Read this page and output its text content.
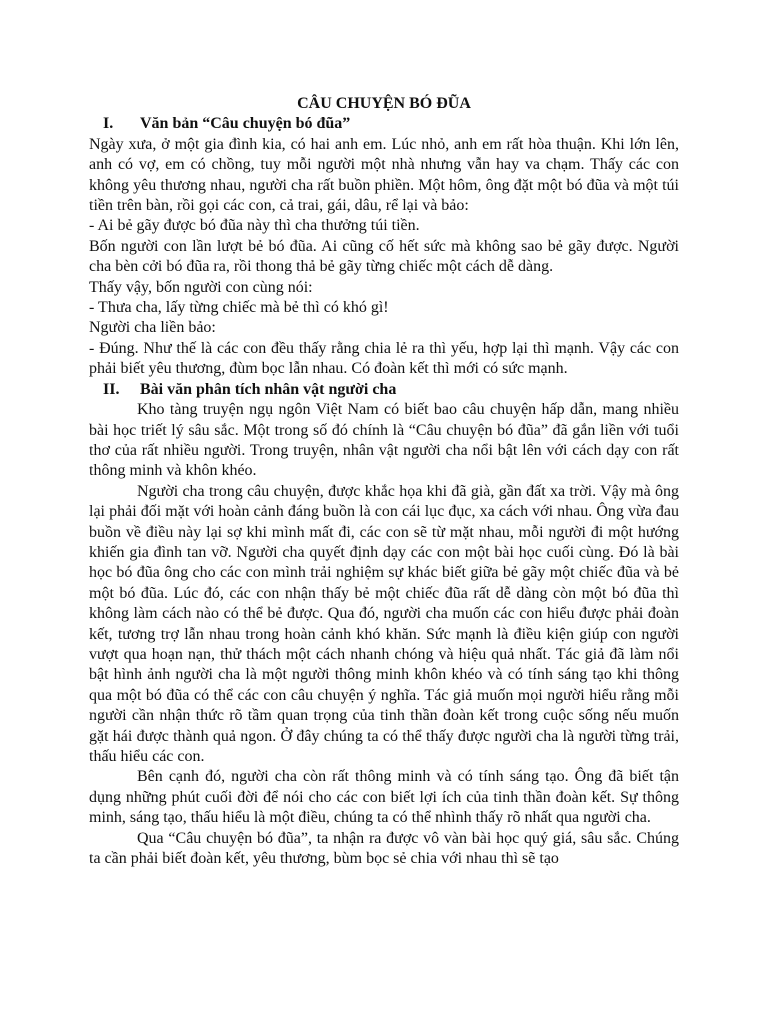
CÂU CHUYỆN BÓ ĐŨA

I.	Văn bản “Câu chuyện bó đũa”

Ngày xưa, ở một gia đình kia, có hai anh em. Lúc nhỏ, anh em rất hòa thuận. Khi lớn lên, anh có vợ, em có chồng, tuy mỗi người một nhà nhưng vẫn hay va chạm. Thấy các con không yêu thương nhau, người cha rất buồn phiền. Một hôm, ông đặt một bó đũa và một túi tiền trên bàn, rồi gọi các con, cả trai, gái, dâu, rể lại và bảo:

- Ai bẻ gãy được bó đũa này thì cha thưởng túi tiền.

Bốn người con lần lượt bẻ bó đũa. Ai cũng cố hết sức mà không sao bẻ gãy được. Người cha bèn cởi bó đũa ra, rồi thong thả bẻ gãy từng chiếc một cách dễ dàng.

Thấy vậy, bốn người con cùng nói:

- Thưa cha, lấy từng chiếc mà bẻ thì có khó gì!

Người cha liền bảo:

- Đúng. Như thế là các con đều thấy rằng chia lẻ ra thì yếu, hợp lại thì mạnh. Vậy các con phải biết yêu thương, đùm bọc lẫn nhau. Có đoàn kết thì mới có sức mạnh.

II.	Bài văn phân tích nhân vật người cha

Kho tàng truyện ngụ ngôn Việt Nam có biết bao câu chuyện hấp dẫn, mang nhiều bài học triết lý sâu sắc. Một trong số đó chính là “Câu chuyện bó đũa” đã gắn liền với tuổi thơ của rất nhiều người. Trong truyện, nhân vật người cha nổi bật lên với cách dạy con rất thông minh và khôn khéo.

Người cha trong câu chuyện, được khắc họa khi đã già, gần đất xa trời. Vậy mà ông lại phải đối mặt với hoàn cảnh đáng buồn là con cái lục đục, xa cách với nhau. Ông vừa đau buồn về điều này lại sợ khi mình mất đi, các con sẽ từ mặt nhau, mỗi người đi một hướng khiến gia đình tan vỡ. Người cha quyết định dạy các con một bài học cuối cùng. Đó là bài học bó đũa ông cho các con mình trải nghiệm sự khác biết giữa bẻ gãy một chiếc đũa và bẻ một bó đũa. Lúc đó, các con nhận thấy bẻ một chiếc đũa rất dễ dàng còn một bó đũa thì không làm cách nào có thể bẻ được. Qua đó, người cha muốn các con hiểu được phải đoàn kết, tương trợ lẫn nhau trong hoàn cảnh khó khăn. Sức mạnh là điều kiện giúp con người vượt qua hoạn nạn, thử thách một cách nhanh chóng và hiệu quả nhất. Tác giả đã làm nổi bật hình ảnh người cha là một người thông minh khôn khéo và có tính sáng tạo khi thông qua một bó đũa có thể các con câu chuyện ý nghĩa. Tác giả muốn mọi người hiểu rằng mỗi người cần nhận thức rõ tầm quan trọng của tinh thần đoàn kết trong cuộc sống nếu muốn gặt hái được thành quả ngon. Ở đây chúng ta có thể thấy được người cha là người từng trải, thấu hiểu các con.

Bên cạnh đó, người cha còn rất thông minh và có tính sáng tạo. Ông đã biết tận dụng những phút cuối đời để nói cho các con biết lợi ích của tinh thần đoàn kết. Sự thông minh, sáng tạo, thấu hiểu là một điều, chúng ta có thể nhình thấy rõ nhất qua người cha.

Qua “Câu chuyện bó đũa”, ta nhận ra được vô vàn bài học quý giá, sâu sắc. Chúng ta cần phải biết đoàn kết, yêu thương, bùm bọc sẻ chia với nhau thì sẽ tạo
